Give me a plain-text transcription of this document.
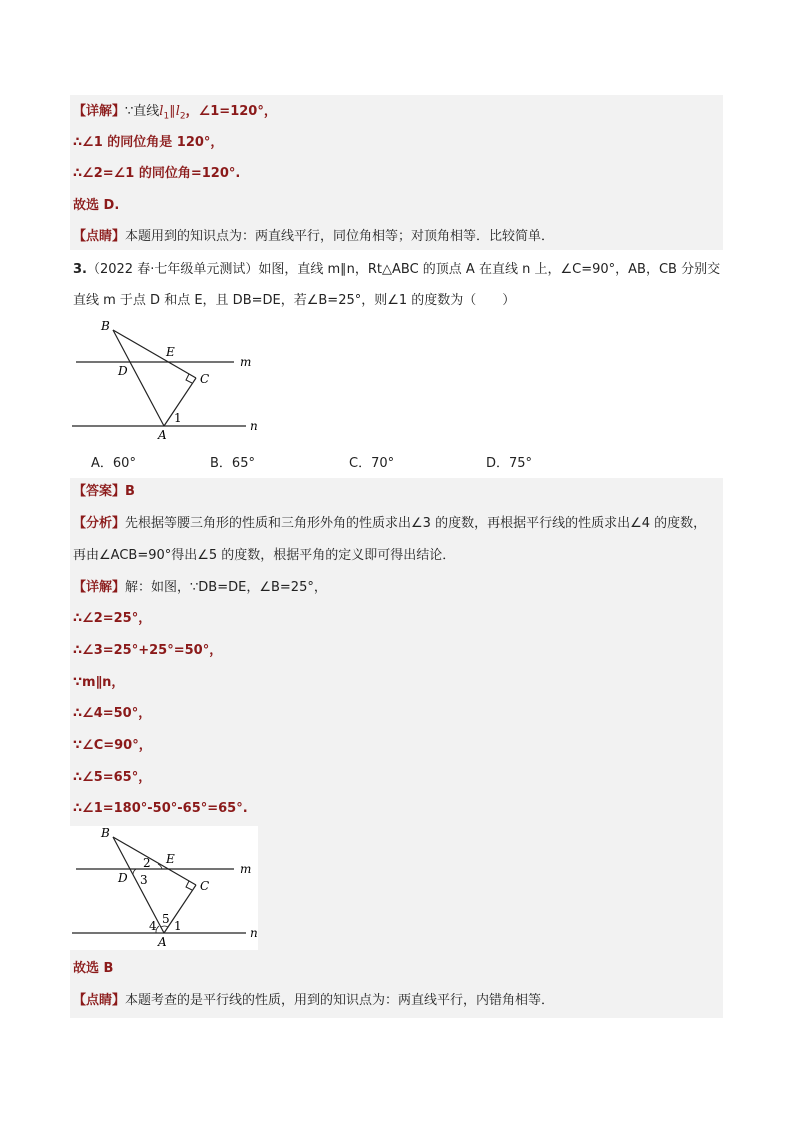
【详解】∵直线$l_1\parallel l_2$，∠1=120°，
∴∠1 的同位角是 120°，
∴∠2=∠1 的同位角=120°.
故选 D.
【点睛】本题用到的知识点为：两直线平行，同位角相等；对顶角相等．比较简单．
3.（2022 春·七年级单元测试）如图，直线 m∥n，Rt△ABC 的顶点 A 在直线 n 上，∠C=90°，AB，CB 分别交
直线 m 于点 D 和点 E，且 DB=DE，若∠B=25°，则∠1 的度数为（　　）
B
E
m
D
C
1
A
n
A．60°	B．65°	C．70°	D．75°
【答案】B
【分析】先根据等腰三角形的性质和三角形外角的性质求出∠3 的度数，再根据平行线的性质求出∠4 的度数，
再由∠ACB=90°得出∠5 的度数，根据平角的定义即可得出结论．
【详解】解：如图，∵DB=DE，∠B=25°，
∴∠2=25°，
∴∠3=25°+25°=50°，
∵m∥n，
∴∠4=50°，
∵∠C=90°，
∴∠5=65°，
∴∠1=180°-50°-65°=65°.
B
2 E
m
D 3	C
5
4 1
A
n
故选 B
【点睛】本题考查的是平行线的性质，用到的知识点为：两直线平行，内错角相等．
